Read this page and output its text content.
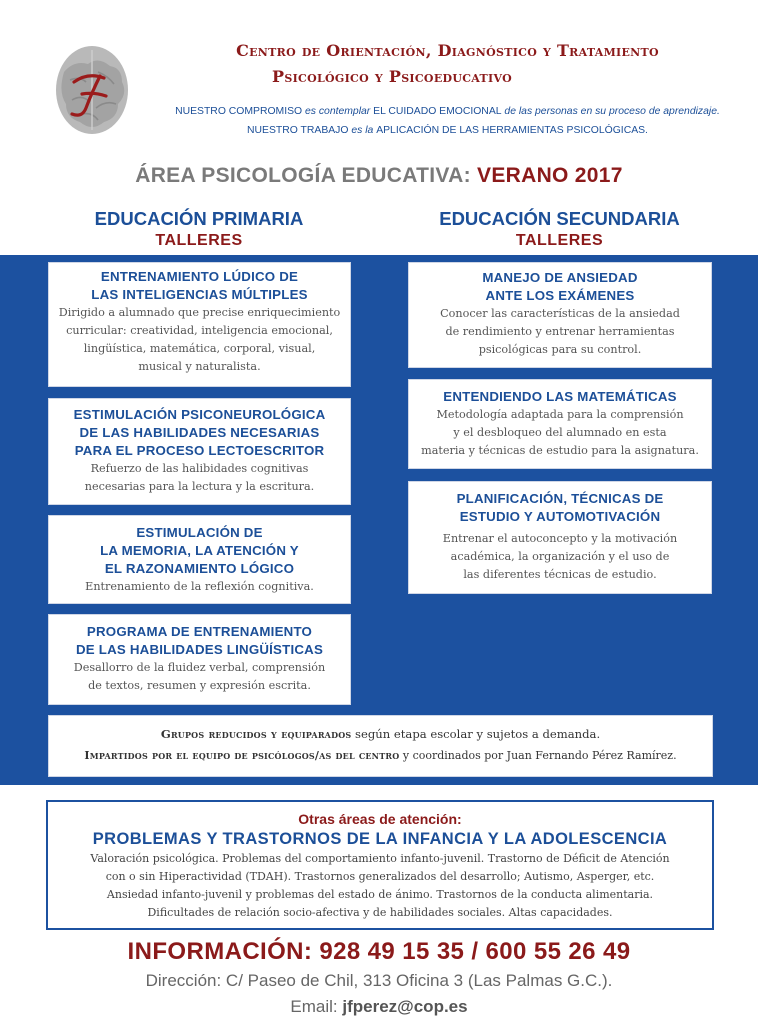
Centro de Orientación, Diagnóstico y Tratamiento
Psicológico y Psicoeducativo
NUESTRO COMPROMISO es contemplar EL CUIDADO EMOCIONAL de las personas en su proceso de aprendizaje.
NUESTRO TRABAJO es la APLICACIÓN DE LAS HERRAMIENTAS PSICOLÓGICAS.
ÁREA PSICOLOGÍA EDUCATIVA: VERANO 2017
EDUCACIÓN PRIMARIA
TALLERES
EDUCACIÓN SECUNDARIA
TALLERES
ENTRENAMIENTO LÚDICO DE
LAS INTELIGENCIAS MÚLTIPLES
Dirigido a alumnado que precise enriquecimiento
curricular: creatividad, inteligencia emocional,
lingüística, matemática, corporal, visual,
musical y naturalista.
ESTIMULACIÓN PSICONEUROLÓGICA
DE LAS HABILIDADES NECESARIAS
PARA EL PROCESO LECTOESCRITOR
Refuerzo de las halibidades cognitivas
necesarias para la lectura y la escritura.
ESTIMULACIÓN DE
LA MEMORIA, LA ATENCIÓN Y
EL RAZONAMIENTO LÓGICO
Entrenamiento de la reflexión cognitiva.
PROGRAMA DE ENTRENAMIENTO
DE LAS HABILIDADES LINGÜÍSTICAS
Desallorro de la fluidez verbal, comprensión
de textos, resumen y expresión escrita.
MANEJO DE ANSIEDAD
ANTE LOS EXÁMENES
Conocer las características de la ansiedad
de rendimiento y entrenar herramientas
psicológicas para su control.
ENTENDIENDO LAS MATEMÁTICAS
Metodología adaptada para la comprensión
y el desbloqueo del alumnado en esta
materia y técnicas de estudio para la asignatura.
PLANIFICACIÓN, TÉCNICAS DE
ESTUDIO Y AUTOMOTIVACIÓN
Entrenar el autoconcepto y la motivación
académica, la organización y el uso de
las diferentes técnicas de estudio.
Grupos reducidos y equiparados según etapa escolar y sujetos a demanda.
Impartidos por el equipo de psicólogos/as del centro y coordinados por Juan Fernando Pérez Ramírez.
Otras áreas de atención:
PROBLEMAS Y TRASTORNOS DE LA INFANCIA Y LA ADOLESCENCIA
Valoración psicológica. Problemas del comportamiento infanto-juvenil. Trastorno de Déficit de Atención
con o sin Hiperactividad (TDAH). Trastornos generalizados del desarrollo; Autismo, Asperger, etc.
Ansiedad infanto-juvenil y problemas del estado de ánimo. Trastornos de la conducta alimentaria.
Dificultades de relación socio-afectiva y de habilidades sociales. Altas capacidades.
INFORMACIÓN: 928 49 15 35 / 600 55 26 49
Dirección: C/ Paseo de Chil, 313 Oficina 3 (Las Palmas G.C.).
Email: jfperez@cop.es
